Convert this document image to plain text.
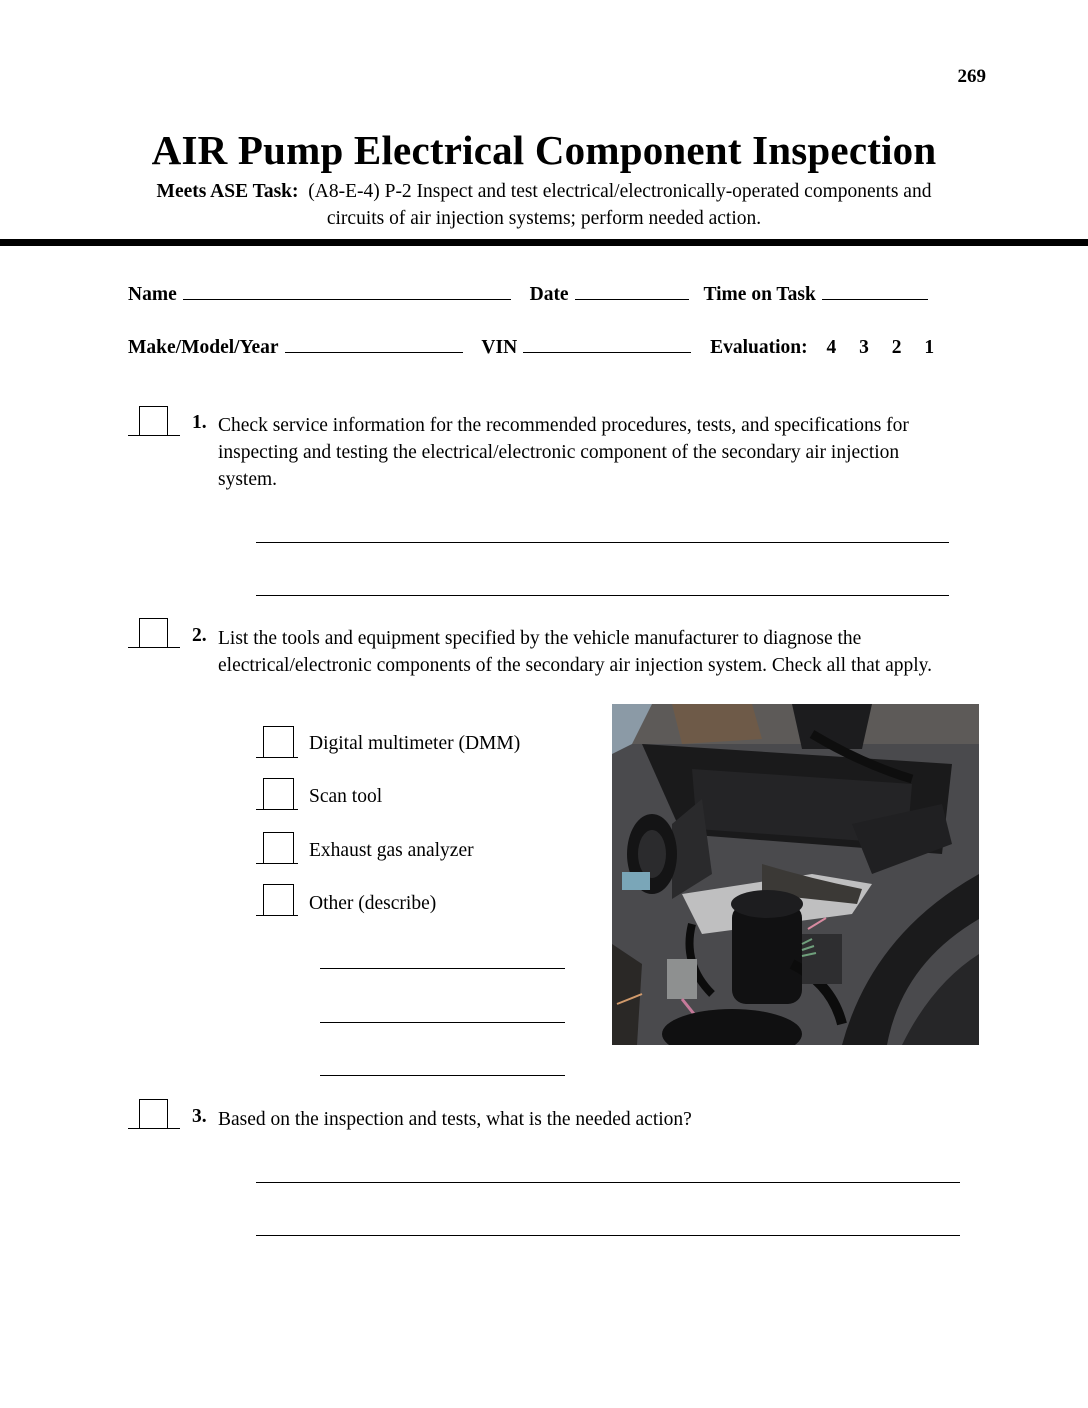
269
AIR Pump Electrical Component Inspection
Meets ASE Task: (A8-E-4) P-2 Inspect and test electrical/electronically-operated components and
circuits of air injection systems; perform needed action.
Name	Date	Time on Task
Make/Model/Year	VIN	Evaluation: 4 3 2 1
1. Check service information for the recommended procedures, tests, and specifications for inspecting and testing the electrical/electronic component of the secondary air injection system.
2. List the tools and equipment specified by the vehicle manufacturer to diagnose the electrical/electronic components of the secondary air injection system. Check all that apply.
Digital multimeter (DMM)
Scan tool
Exhaust gas analyzer
Other (describe)
3. Based on the inspection and tests, what is the needed action?
